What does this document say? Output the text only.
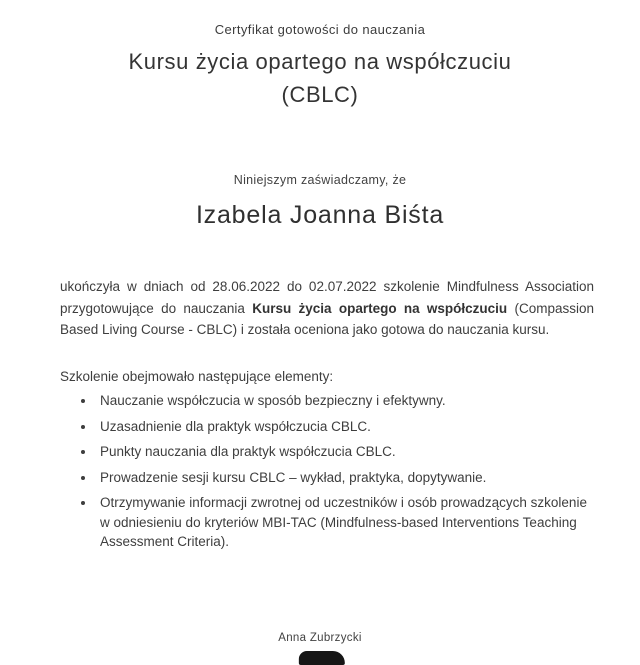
Certyfikat gotowości do nauczania
Kursu życia opartego na współczuciu
(CBLC)
Niniejszym zaświadczamy, że
Izabela Joanna Biśta

ukończyła w dniach od 28.06.2022 do 02.07.2022 szkolenie Mindfulness Association przygotowujące do nauczania Kursu życia opartego na współczuciu (Compassion Based Living Course - CBLC) i została oceniona jako gotowa do nauczania kursu.

Szkolenie obejmowało następujące elementy:
• Nauczanie współczucia w sposób bezpieczny i efektywny.
• Uzasadnienie dla praktyk współczucia CBLC.
• Punkty nauczania dla praktyk współczucia CBLC.
• Prowadzenie sesji kursu CBLC – wykład, praktyka, dopytywanie.
• Otrzymywanie informacji zwrotnej od uczestników i osób prowadzących szkolenie w odniesieniu do kryteriów MBI-TAC (Mindfulness-based Interventions Teaching Assessment Criteria).
Anna Zubrzycki
